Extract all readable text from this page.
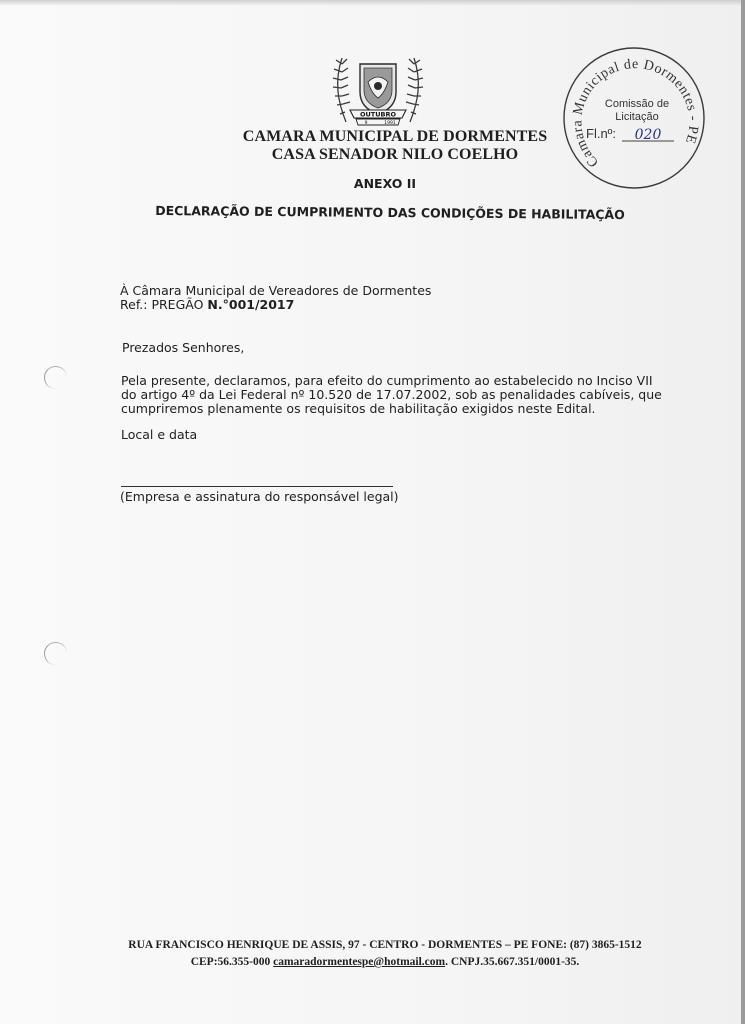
OUTUBRO
9	1991
CAMARA MUNICIPAL DE DORMENTES
CASA SENADOR NILO COELHO	Camara Municipal de Dormentes - PE
Comissão de
Licitação
Fl.nº: 020
ANEXO II
DECLARAÇÃO DE CUMPRIMENTO DAS CONDIÇÕES DE HABILITAÇÃO
À Câmara Municipal de Vereadores de Dormentes
Ref.: PREGÃO N.°001/2017
Prezados Senhores,
Pela presente, declaramos, para efeito do cumprimento ao estabelecido no Inciso VII
do artigo 4º da Lei Federal nº 10.520 de 17.07.2002, sob as penalidades cabíveis, que
cumpriremos plenamente os requisitos de habilitação exigidos neste Edital.
Local e data
(Empresa e assinatura do responsável legal)
RUA FRANCISCO HENRIQUE DE ASSIS, 97 - CENTRO - DORMENTES – PE FONE: (87) 3865-1512
CEP:56.355-000 camaradormentespe@hotmail.com. CNPJ.35.667.351/0001-35.
